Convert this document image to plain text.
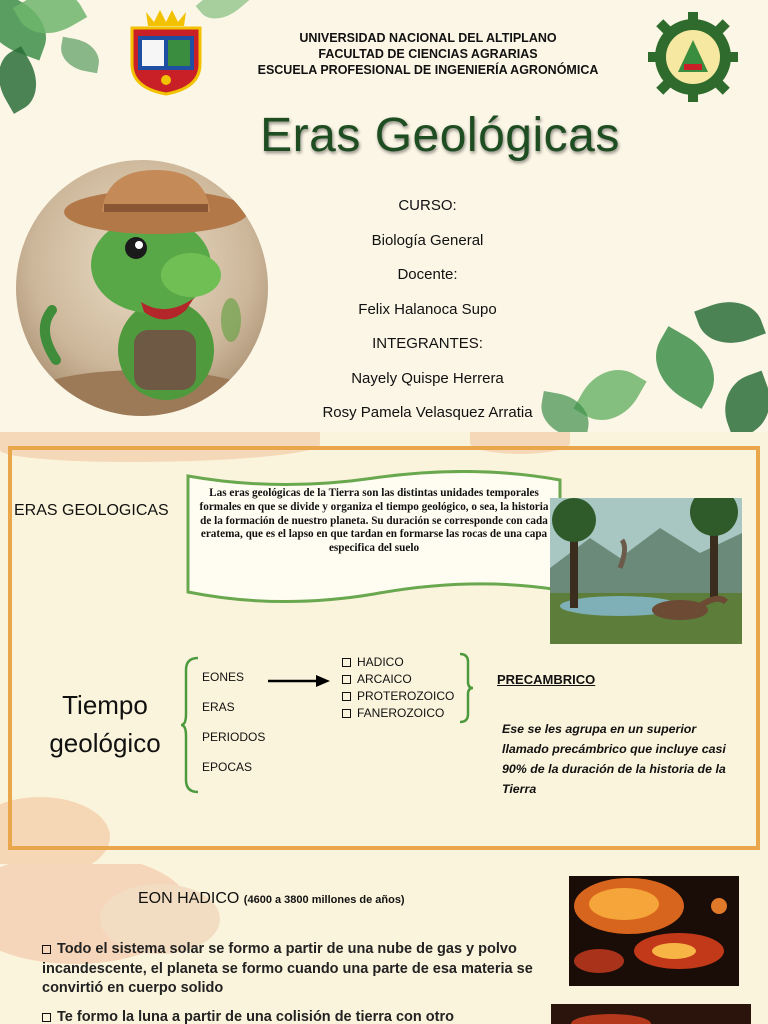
UNIVERSIDAD NACIONAL DEL ALTIPLANO
FACULTAD DE CIENCIAS AGRARIAS
ESCUELA PROFESIONAL DE INGENIERÍA AGRONÓMICA
Eras Geológicas
CURSO:
Biología General
Docente:
Felix Halanoca Supo
INTEGRANTES:
Nayely Quispe Herrera
Rosy Pamela Velasquez Arratia
ERAS GEOLOGICAS
Las eras geológicas de la Tierra son las distintas unidades temporales formales en que se divide y organiza el tiempo geológico, o sea, la historia de la formación de nuestro planeta. Su duración se corresponde con cada eratema, que es el lapso en que tardan en formarse las rocas de una capa especifica del suelo
Tiempo geológico
EONES
ERAS
PERIODOS
EPOCAS
HADICO
ARCAICO
PROTEROZOICO
FANEROZOICO
PRECAMBRICO
Ese se les agrupa en un superior llamado precámbrico que incluye casi 90% de la duración de la historia de la Tierra
EON HADICO (4600 a 3800 millones de años)
Todo el sistema solar se formo a partir de una nube de gas y polvo incandescente, el planeta se formo cuando una parte de esa materia se convirtió en cuerpo solido
Te formo la luna a partir de una colisión de tierra con otro
